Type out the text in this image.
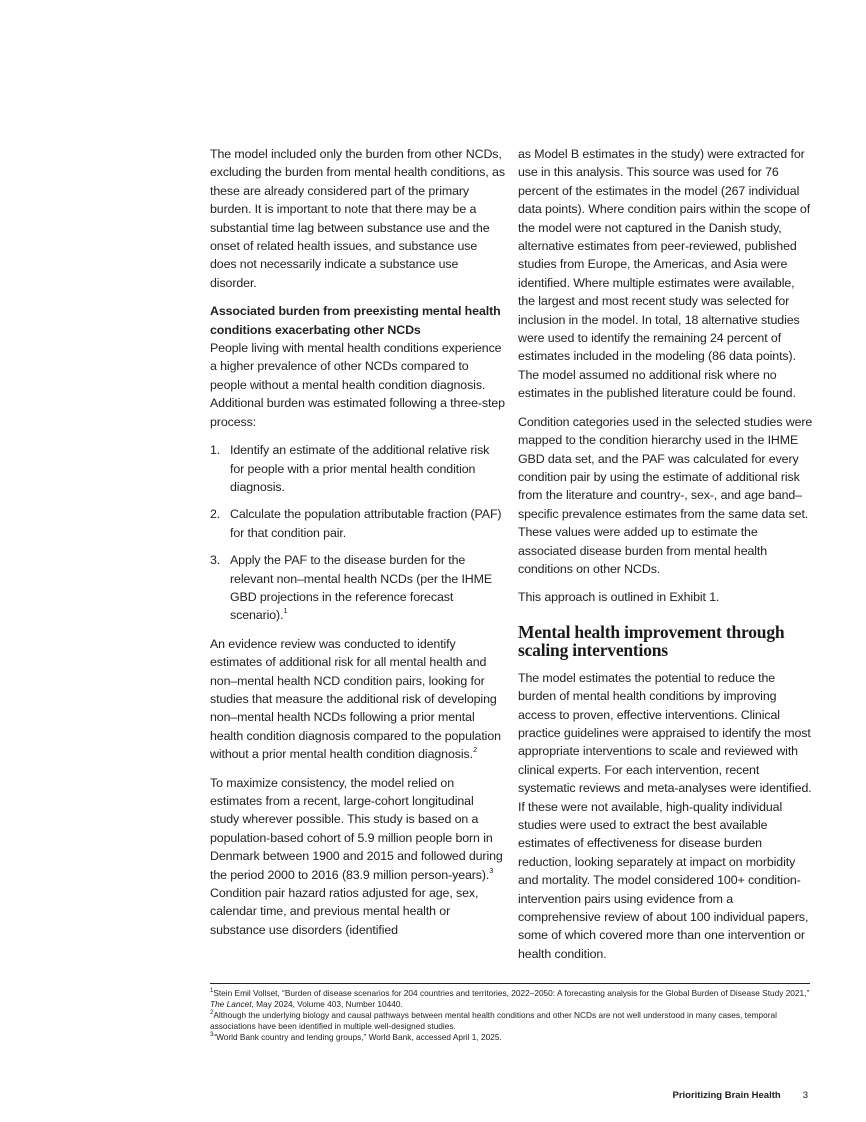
The model included only the burden from other NCDs, excluding the burden from mental health conditions, as these are already considered part of the primary burden. It is important to note that there may be a substantial time lag between substance use and the onset of related health issues, and substance use does not necessarily indicate a substance use disorder.

Associated burden from preexisting mental health conditions exacerbating other NCDs

People living with mental health conditions experience a higher prevalence of other NCDs compared to people without a mental health condition diagnosis. Additional burden was estimated following a three-step process:

1. Identify an estimate of the additional relative risk for people with a prior mental health condition diagnosis.
2. Calculate the population attributable fraction (PAF) for that condition pair.
3. Apply the PAF to the disease burden for the relevant non–mental health NCDs (per the IHME GBD projections in the reference forecast scenario).$^1$

An evidence review was conducted to identify estimates of additional risk for all mental health and non–mental health NCD condition pairs, looking for studies that measure the additional risk of developing non–mental health NCDs following a prior mental health condition diagnosis compared to the population without a prior mental health condition diagnosis.$^2$

To maximize consistency, the model relied on estimates from a recent, large-cohort longitudinal study wherever possible. This study is based on a population-based cohort of 5.9 million people born in Denmark between 1900 and 2015 and followed during the period 2000 to 2016 (83.9 million person-years).$^3$ Condition pair hazard ratios adjusted for age, sex, calendar time, and previous mental health or substance use disorders (identified

as Model B estimates in the study) were extracted for use in this analysis. This source was used for 76 percent of the estimates in the model (267 individual data points). Where condition pairs within the scope of the model were not captured in the Danish study, alternative estimates from peer-reviewed, published studies from Europe, the Americas, and Asia were identified. Where multiple estimates were available, the largest and most recent study was selected for inclusion in the model. In total, 18 alternative studies were used to identify the remaining 24 percent of estimates included in the modeling (86 data points). The model assumed no additional risk where no estimates in the published literature could be found.

Condition categories used in the selected studies were mapped to the condition hierarchy used in the IHME GBD data set, and the PAF was calculated for every condition pair by using the estimate of additional risk from the literature and country-, sex-, and age band–specific prevalence estimates from the same data set. These values were added up to estimate the associated disease burden from mental health conditions on other NCDs.

This approach is outlined in Exhibit 1.

Mental health improvement through scaling interventions

The model estimates the potential to reduce the burden of mental health conditions by improving access to proven, effective interventions. Clinical practice guidelines were appraised to identify the most appropriate interventions to scale and reviewed with clinical experts. For each intervention, recent systematic reviews and meta-analyses were identified. If these were not available, high-quality individual studies were used to extract the best available estimates of effectiveness for disease burden reduction, looking separately at impact on morbidity and mortality. The model considered 100+ condition-intervention pairs using evidence from a comprehensive review of about 100 individual papers, some of which covered more than one intervention or health condition.

$^1$Stein Emil Vollset, “Burden of disease scenarios for 204 countries and territories, 2022–2050: A forecasting analysis for the Global Burden of Disease Study 2021,” The Lancet, May 2024, Volume 403, Number 10440.
$^2$Although the underlying biology and causal pathways between mental health conditions and other NCDs are not well understood in many cases, temporal associations have been identified in multiple well-designed studies.
$^3$“World Bank country and lending groups,” World Bank, accessed April 1, 2025.
Prioritizing Brain Health 3
